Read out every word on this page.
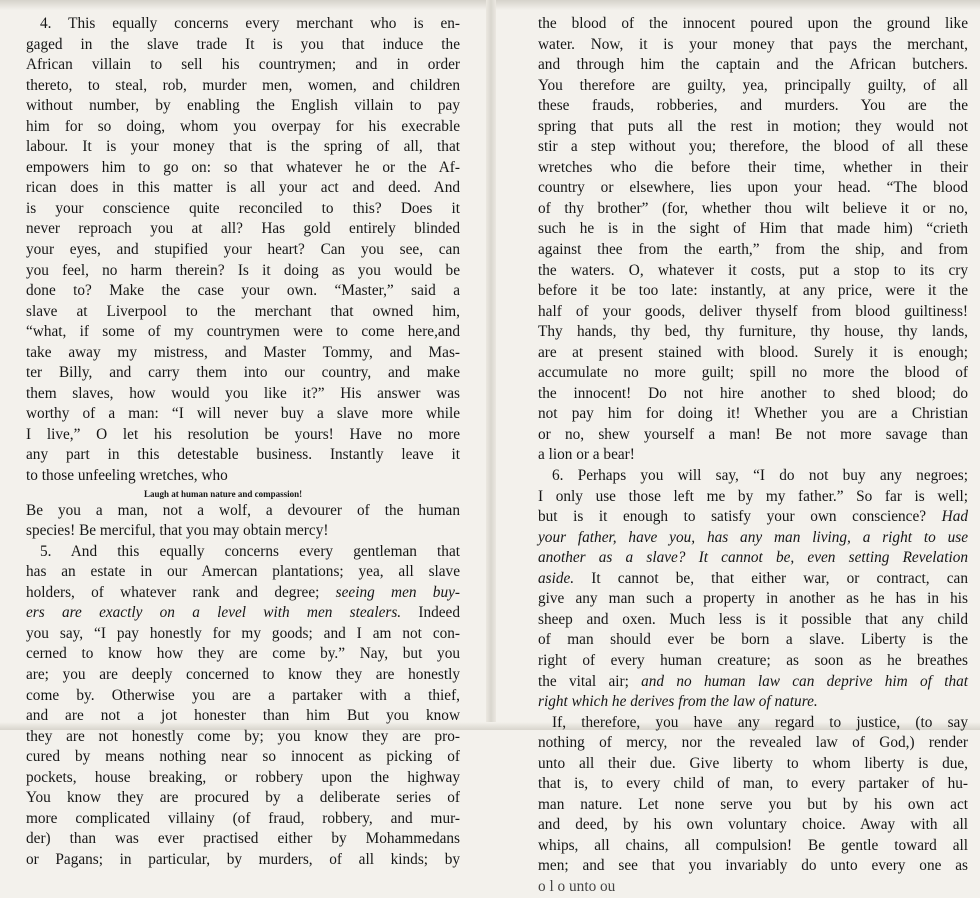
4. This equally concerns every merchant who is en-
gaged in the slave trade It is you that induce the
African villain to sell his countrymen; and in order
thereto, to steal, rob, murder men, women, and children
without number, by enabling the English villain to pay
him for so doing, whom you overpay for his execrable
labour. It is your money that is the spring of all, that
empowers him to go on: so that whatever he or the Af-
rican does in this matter is all your act and deed. And
is your conscience quite reconciled to this? Does it
never reproach you at all? Has gold entirely blinded
your eyes, and stupified your heart? Can you see, can
you feel, no harm therein? Is it doing as you would be
done to? Make the case your own. “Master,” said a
slave at Liverpool to the merchant that owned him,
“what, if some of my countrymen were to come here,and
take away my mistress, and Master Tommy, and Mas-
ter Billy, and carry them into our country, and make
them slaves, how would you like it?” His answer was
worthy of a man: “I will never buy a slave more while
I live,” O let his resolution be yours! Have no more
any part in this detestable business. Instantly leave it
to those unfeeling wretches, who
Laugh at human nature and compassion!
Be you a man, not a wolf, a devourer of the human
species! Be merciful, that you may obtain mercy!
5. And this equally concerns every gentleman that
has an estate in our Amercan plantations; yea, all slave
holders, of whatever rank and degree; seeing men buy-
ers are exactly on a level with men stealers. Indeed
you say, “I pay honestly for my goods; and I am not con-
cerned to know how they are come by.” Nay, but you
are; you are deeply concerned to know they are honestly
come by. Otherwise you are a partaker with a thief,
and are not a jot honester than him But you know
they are not honestly come by; you know they are pro-
cured by means nothing near so innocent as picking of
pockets, house breaking, or robbery upon the highway
You know they are procured by a deliberate series of
more complicated villainy (of fraud, robbery, and mur-
der) than was ever practised either by Mohammedans
or Pagans; in particular, by murders, of all kinds; by
the blood of the innocent poured upon the ground like
water. Now, it is your money that pays the merchant,
and through him the captain and the African butchers.
You therefore are guilty, yea, principally guilty, of all
these frauds, robberies, and murders. You are the
spring that puts all the rest in motion; they would not
stir a step without you; therefore, the blood of all these
wretches who die before their time, whether in their
country or elsewhere, lies upon your head. “The blood
of thy brother” (for, whether thou wilt believe it or no,
such he is in the sight of Him that made him) “crieth
against thee from the earth,” from the ship, and from
the waters. O, whatever it costs, put a stop to its cry
before it be too late: instantly, at any price, were it the
half of your goods, deliver thyself from blood guiltiness!
Thy hands, thy bed, thy furniture, thy house, thy lands,
are at present stained with blood. Surely it is enough;
accumulate no more guilt; spill no more the blood of
the innocent! Do not hire another to shed blood; do
not pay him for doing it! Whether you are a Christian
or no, shew yourself a man! Be not more savage than
a lion or a bear!
6. Perhaps you will say, “I do not buy any negroes;
I only use those left me by my father.” So far is well;
but is it enough to satisfy your own conscience? Had
your father, have you, has any man living, a right to use
another as a slave? It cannot be, even setting Revelation
aside. It cannot be, that either war, or contract, can
give any man such a property in another as he has in his
sheep and oxen. Much less is it possible that any child
of man should ever be born a slave. Liberty is the
right of every human creature; as soon as he breathes
the vital air; and no human law can deprive him of that
right which he derives from the law of nature.
If, therefore, you have any regard to justice, (to say
nothing of mercy, nor the revealed law of God,) render
unto all their due. Give liberty to whom liberty is due,
that is, to every child of man, to every partaker of hu-
man nature. Let none serve you but by his own act
and deed, by his own voluntary choice. Away with all
whips, all chains, all compulsion! Be gentle toward all
men; and see that you invariably do unto every one as
o l o unto ou
